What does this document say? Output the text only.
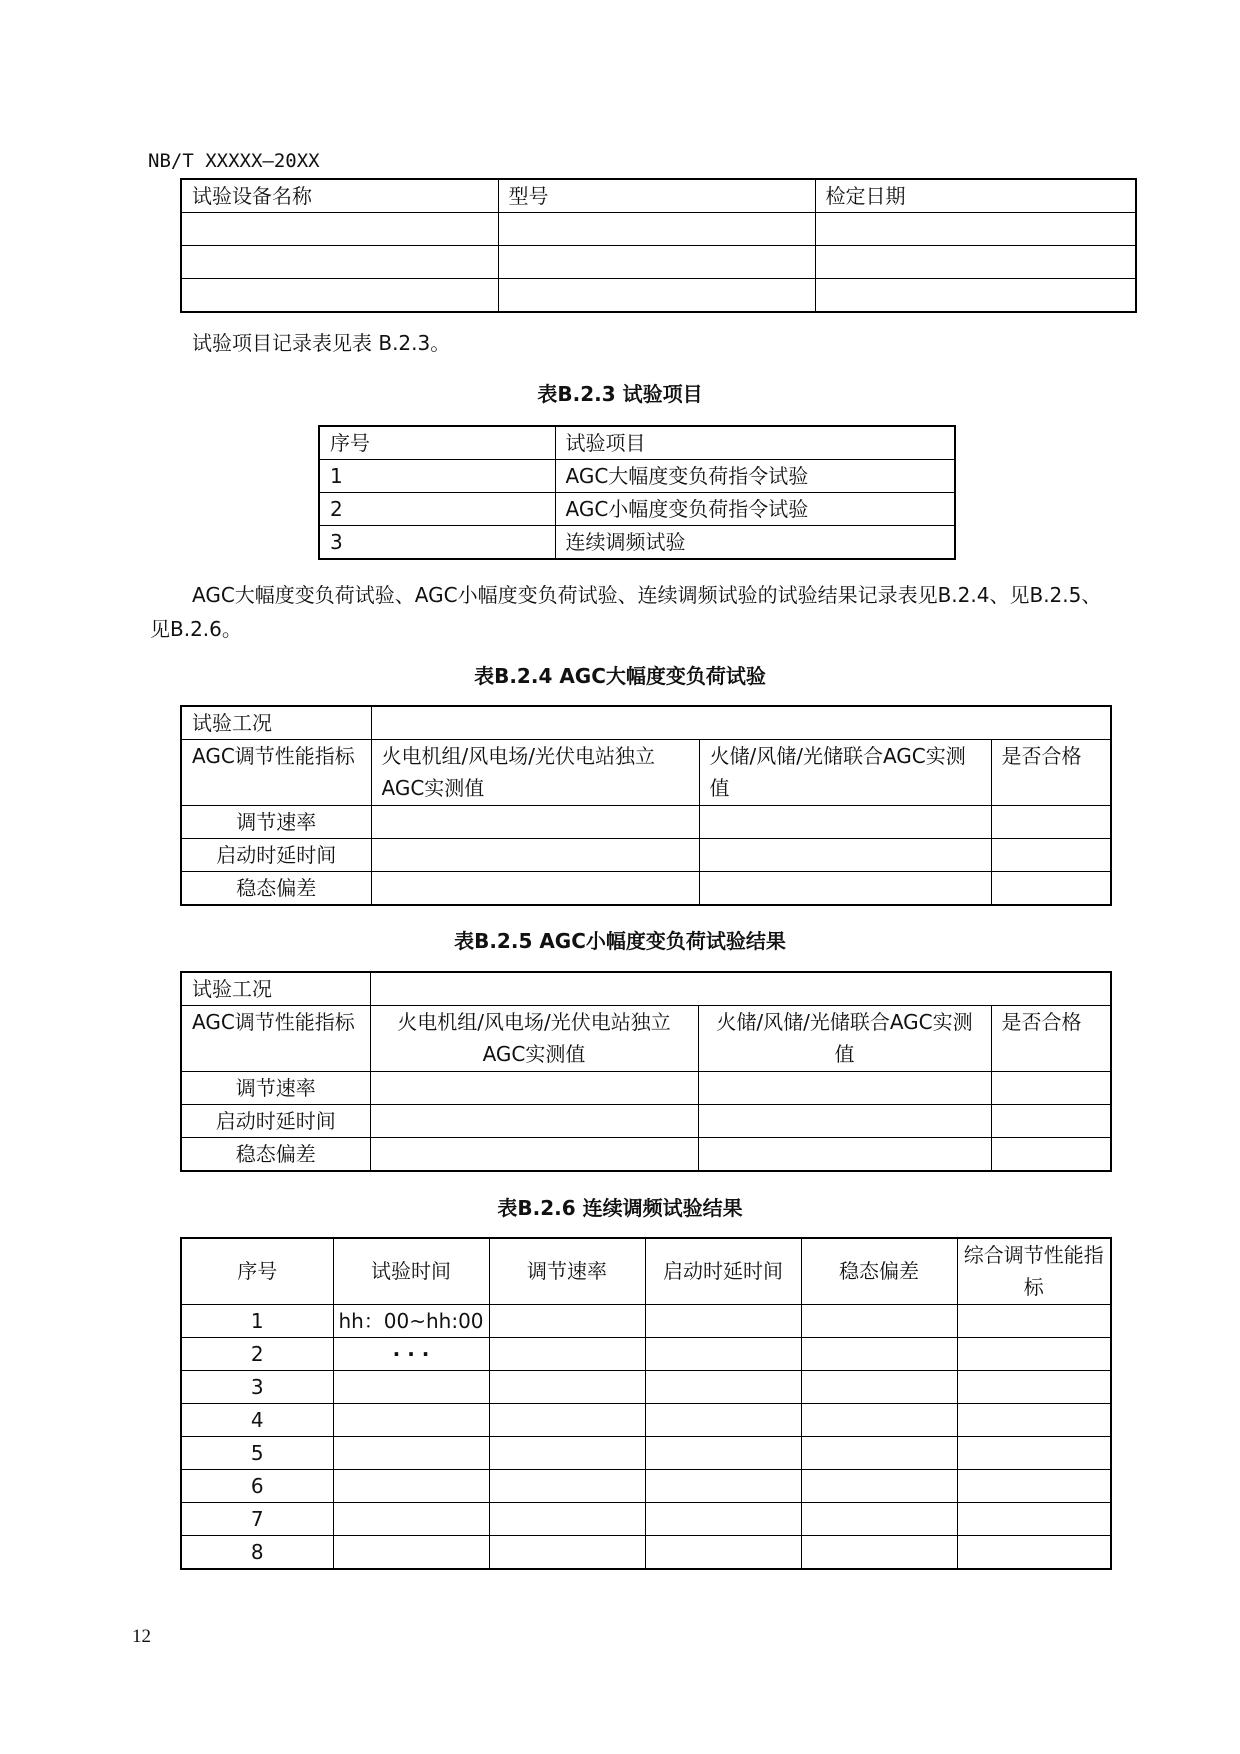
NB/T XXXXX—20XX
试验设备名称	型号	检定日期

试验项目记录表见表 B.2.3。
表B.2.3 试验项目
序号	试验项目
1	AGC大幅度变负荷指令试验
2	AGC小幅度变负荷指令试验
3	连续调频试验
AGC大幅度变负荷试验、AGC小幅度变负荷试验、连续调频试验的试验结果记录表见B.2.4、见B.2.5、
见B.2.6。
表B.2.4 AGC大幅度变负荷试验
试验工况			
AGC调节性能指标	火电机组/风电场/光伏电站独立AGC实测值	火储/风储/光储联合AGC实测值	是否合格
调节速率			
启动时延时间			
稳态偏差			
表B.2.5 AGC小幅度变负荷试验结果
试验工况			
AGC调节性能指标	火电机组/风电场/光伏电站独立AGC实测值	火储/风储/光储联合AGC实测值	是否合格
调节速率			
启动时延时间			
稳态偏差			
表B.2.6 连续调频试验结果
序号	试验时间	调节速率	启动时延时间	稳态偏差	综合调节性能指标
1	hh：00~hh:00				
2	· · ·				
3					
4					
5					
6					
7					
8					
12
